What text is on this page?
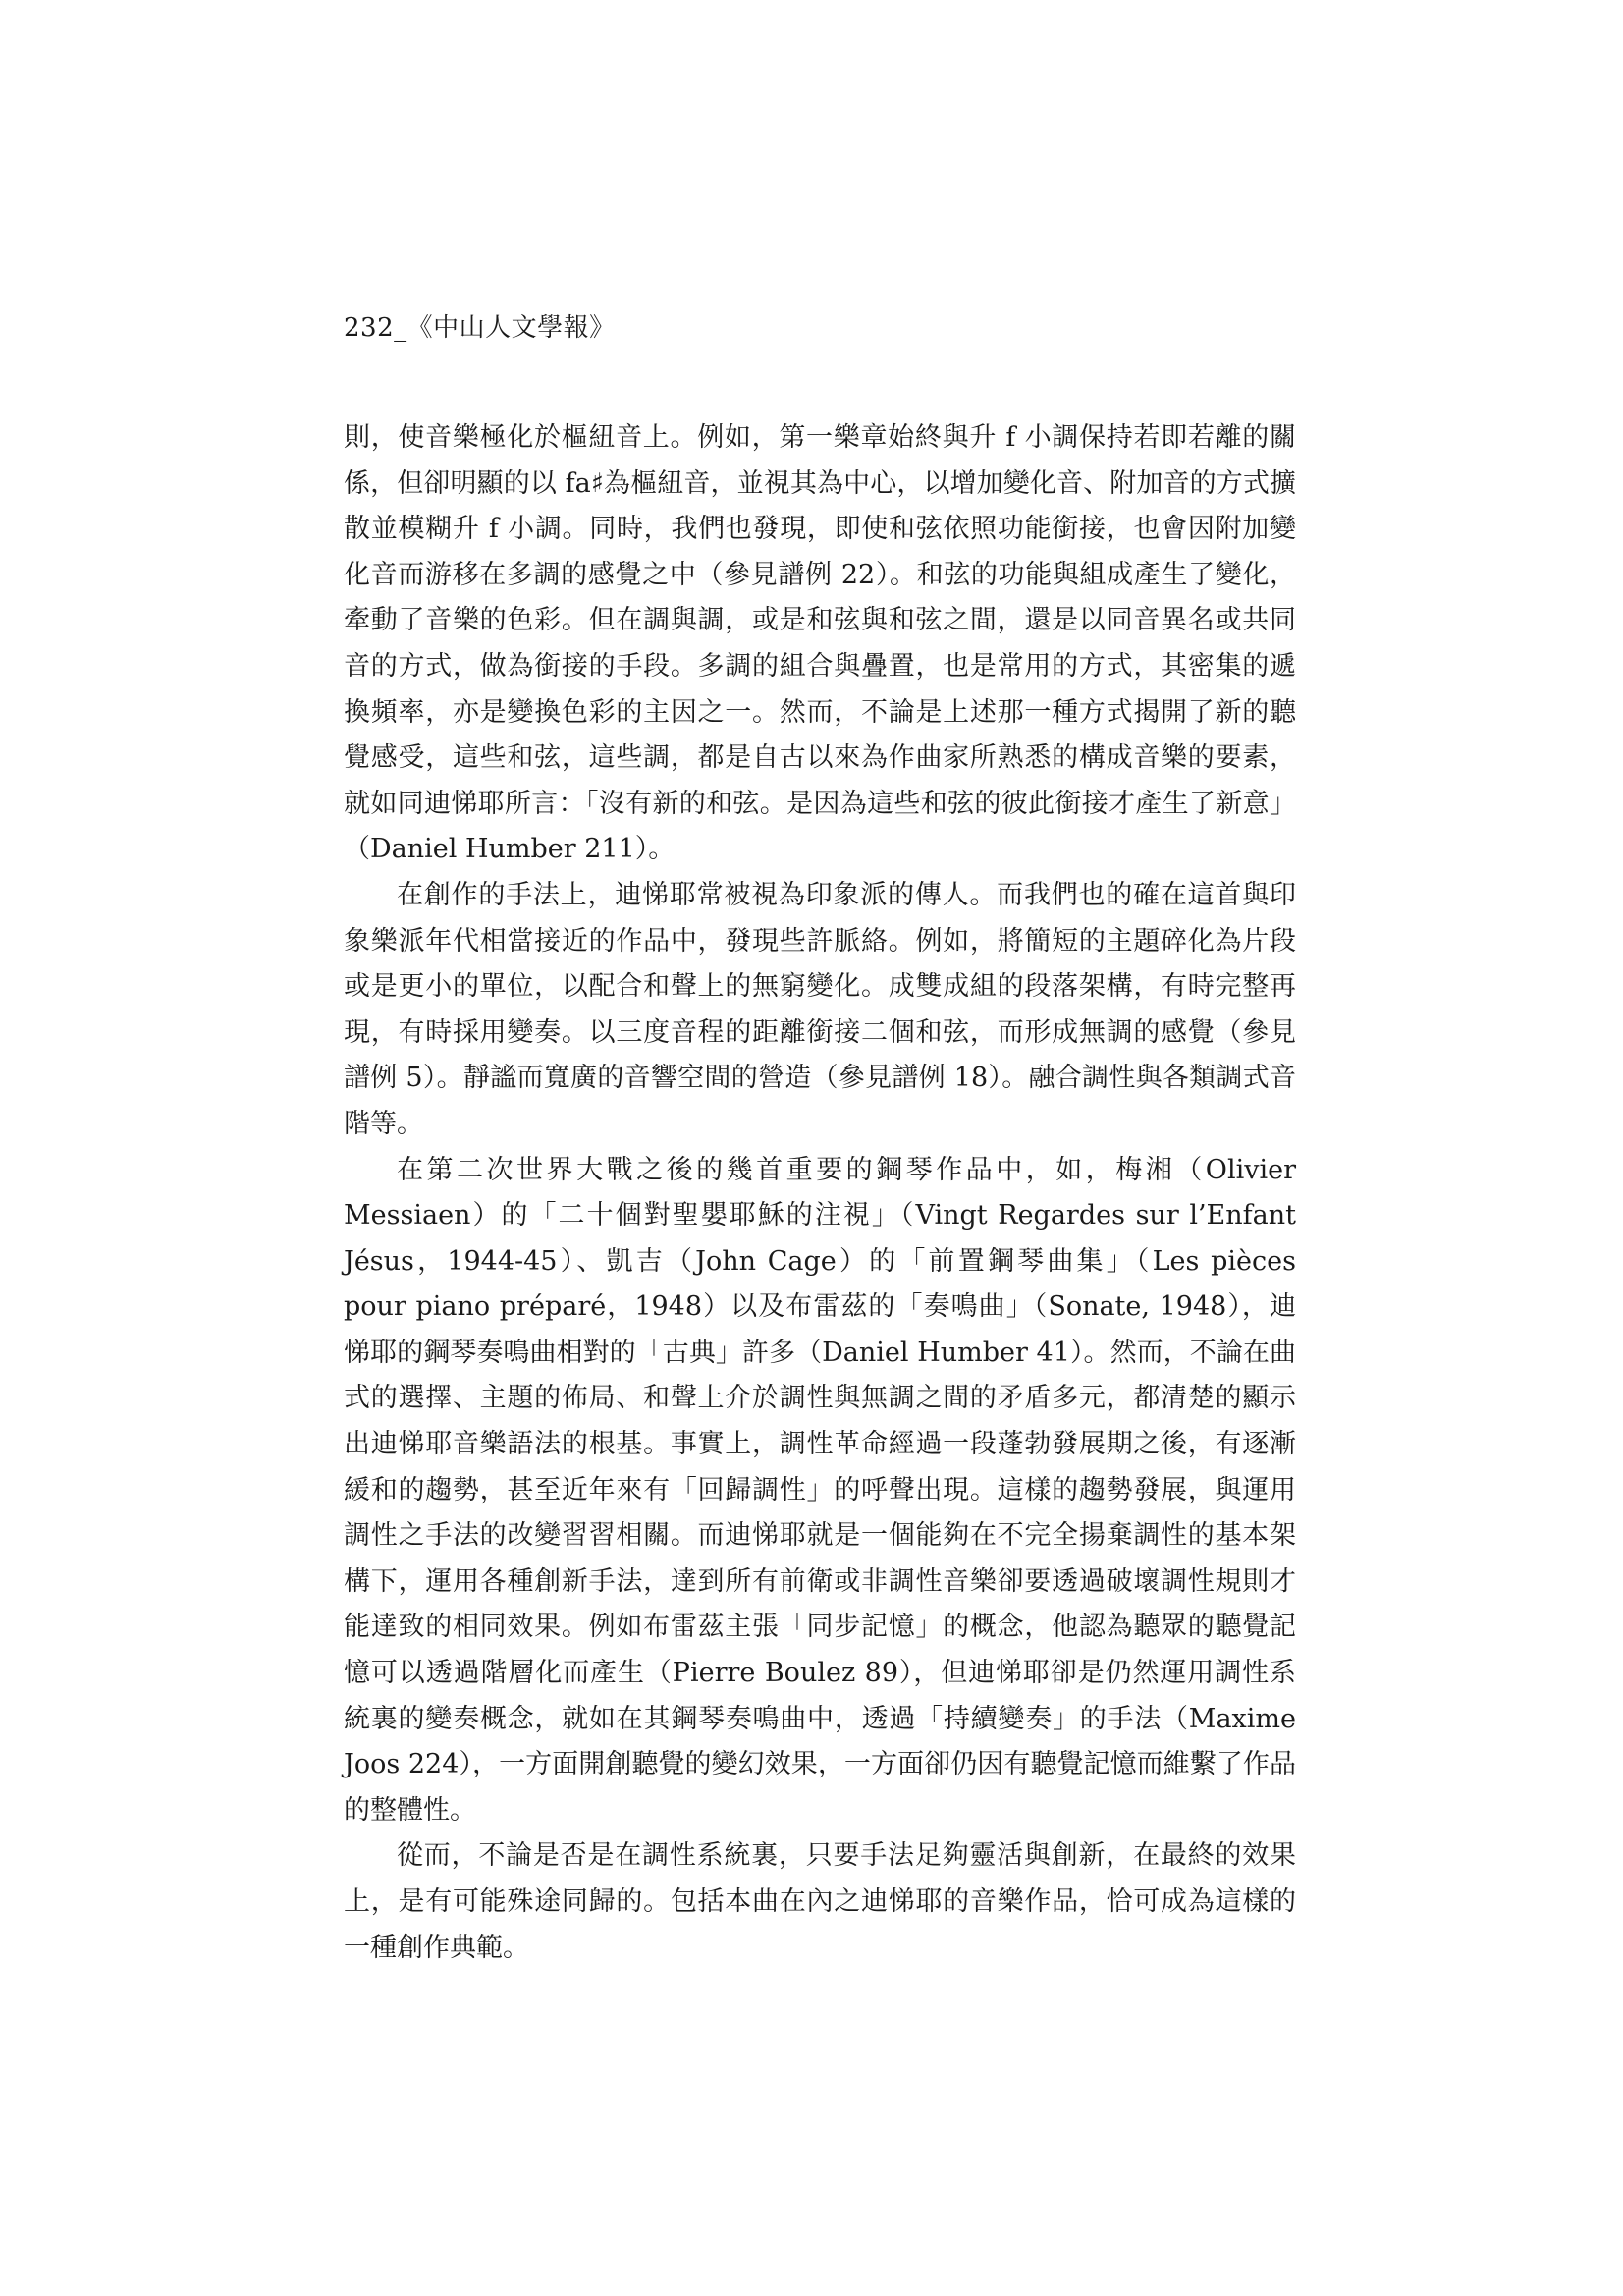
232_《中山人文學報》

則，使音樂極化於樞紐音上。例如，第一樂章始終與升 f 小調保持若即若離的關係，但卻明顯的以 fa♯為樞紐音，並視其為中心，以增加變化音、附加音的方式擴散並模糊升 f 小調。同時，我們也發現，即使和弦依照功能銜接，也會因附加變化音而游移在多調的感覺之中（參見譜例 22）。和弦的功能與組成產生了變化，牽動了音樂的色彩。但在調與調，或是和弦與和弦之間，還是以同音異名或共同音的方式，做為銜接的手段。多調的組合與疊置，也是常用的方式，其密集的遞換頻率，亦是變換色彩的主因之一。然而，不論是上述那一種方式揭開了新的聽覺感受，這些和弦，這些調，都是自古以來為作曲家所熟悉的構成音樂的要素，就如同迪悌耶所言：「沒有新的和弦。是因為這些和弦的彼此銜接才產生了新意」（Daniel Humber 211）。

在創作的手法上，迪悌耶常被視為印象派的傳人。而我們也的確在這首與印象樂派年代相當接近的作品中，發現些許脈絡。例如，將簡短的主題碎化為片段或是更小的單位，以配合和聲上的無窮變化。成雙成組的段落架構，有時完整再現，有時採用變奏。以三度音程的距離銜接二個和弦，而形成無調的感覺（參見譜例 5）。靜謐而寬廣的音響空間的營造（參見譜例 18）。融合調性與各類調式音階等。

在第二次世界大戰之後的幾首重要的鋼琴作品中，如，梅湘（Olivier Messiaen）的「二十個對聖嬰耶穌的注視」（Vingt Regardes sur l’Enfant Jésus，1944-45）、凱吉（John Cage）的「前置鋼琴曲集」（Les pièces pour piano préparé，1948）以及布雷茲的「奏鳴曲」（Sonate, 1948），迪悌耶的鋼琴奏鳴曲相對的「古典」許多（Daniel Humber 41）。然而，不論在曲式的選擇、主題的佈局、和聲上介於調性與無調之間的矛盾多元，都清楚的顯示出迪悌耶音樂語法的根基。事實上，調性革命經過一段蓬勃發展期之後，有逐漸緩和的趨勢，甚至近年來有「回歸調性」的呼聲出現。這樣的趨勢發展，與運用調性之手法的改變習習相關。而迪悌耶就是一個能夠在不完全揚棄調性的基本架構下，運用各種創新手法，達到所有前衛或非調性音樂卻要透過破壞調性規則才能達致的相同效果。例如布雷茲主張「同步記憶」的概念，他認為聽眾的聽覺記憶可以透過階層化而產生（Pierre Boulez 89），但迪悌耶卻是仍然運用調性系統裏的變奏概念，就如在其鋼琴奏鳴曲中，透過「持續變奏」的手法（Maxime Joos 224），一方面開創聽覺的變幻效果，一方面卻仍因有聽覺記憶而維繫了作品的整體性。

從而，不論是否是在調性系統裏，只要手法足夠靈活與創新，在最終的效果上，是有可能殊途同歸的。包括本曲在內之迪悌耶的音樂作品，恰可成為這樣的一種創作典範。
